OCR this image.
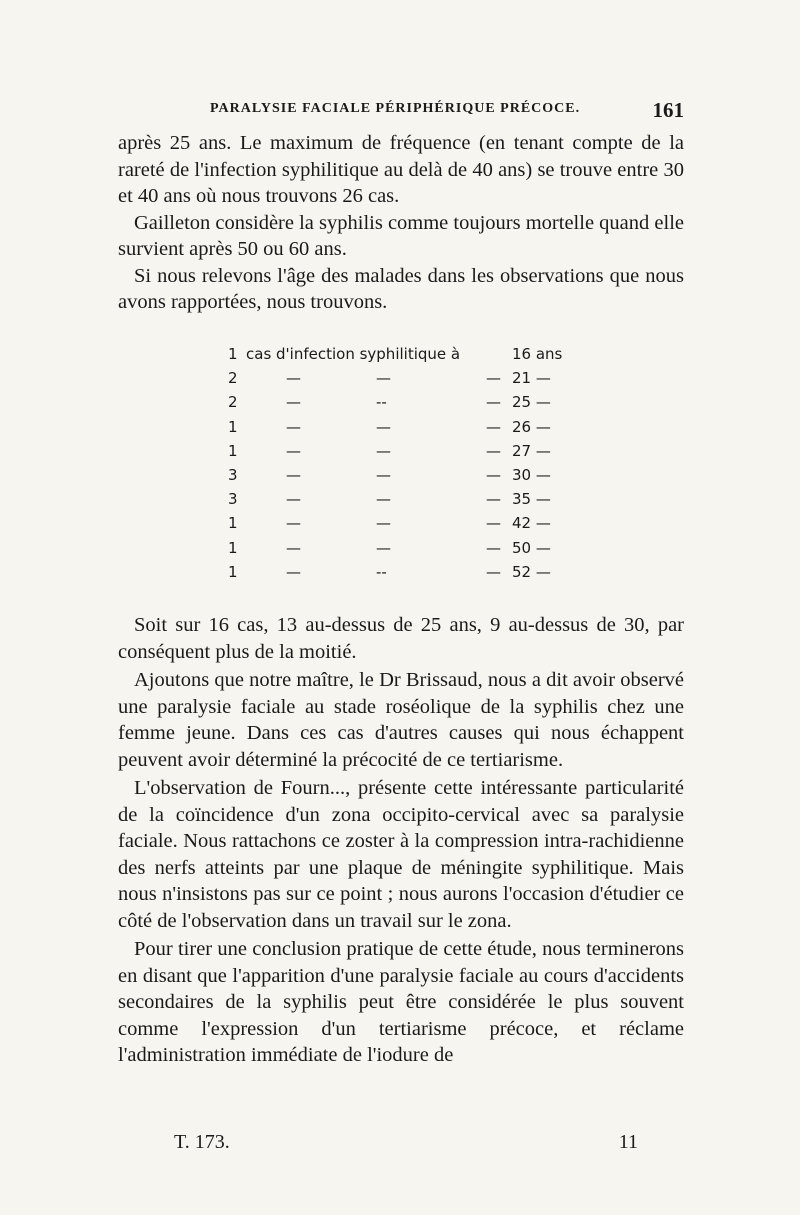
PARALYSIE FACIALE PÉRIPHÉRIQUE PRÉCOCE.	161

après 25 ans. Le maximum de fréquence (en tenant compte de la rareté de l'infection syphilitique au delà de 40 ans) se trouve entre 30 et 40 ans où nous trouvons 26 cas.

Gailleton considère la syphilis comme toujours mortelle quand elle survient après 50 ou 60 ans.

Si nous relevons l'âge des malades dans les observations que nous avons rapportées, nous trouvons.

1 cas d'infection syphilitique à	16 ans
2	—	—	— 21 —
2	—	--	— 25 —
1	—	—	— 26 —
1	—	—	— 27 —
3	—	—	— 30 —
3	—	—	— 35 —
1	—	—	— 42 —
1	—	—	— 50 —
1	—	--	— 52 —

Soit sur 16 cas, 13 au-dessus de 25 ans, 9 au-dessus de 30, par conséquent plus de la moitié.

Ajoutons que notre maître, le Dr Brissaud, nous a dit avoir observé une paralysie faciale au stade roséolique de la syphilis chez une femme jeune. Dans ces cas d'autres causes qui nous échappent peuvent avoir déterminé la précocité de ce tertiarisme.

L'observation de Fourn..., présente cette intéressante particularité de la coïncidence d'un zona occipito-cervical avec sa paralysie faciale. Nous rattachons ce zoster à la compression intra-rachidienne des nerfs atteints par une plaque de méningite syphilitique. Mais nous n'insistons pas sur ce point ; nous aurons l'occasion d'étudier ce côté de l'observation dans un travail sur le zona.

Pour tirer une conclusion pratique de cette étude, nous terminerons en disant que l'apparition d'une paralysie faciale au cours d'accidents secondaires de la syphilis peut être considérée le plus souvent comme l'expression d'un tertiarisme précoce, et réclame l'administration immédiate de l'iodure de

T. 173.	11
